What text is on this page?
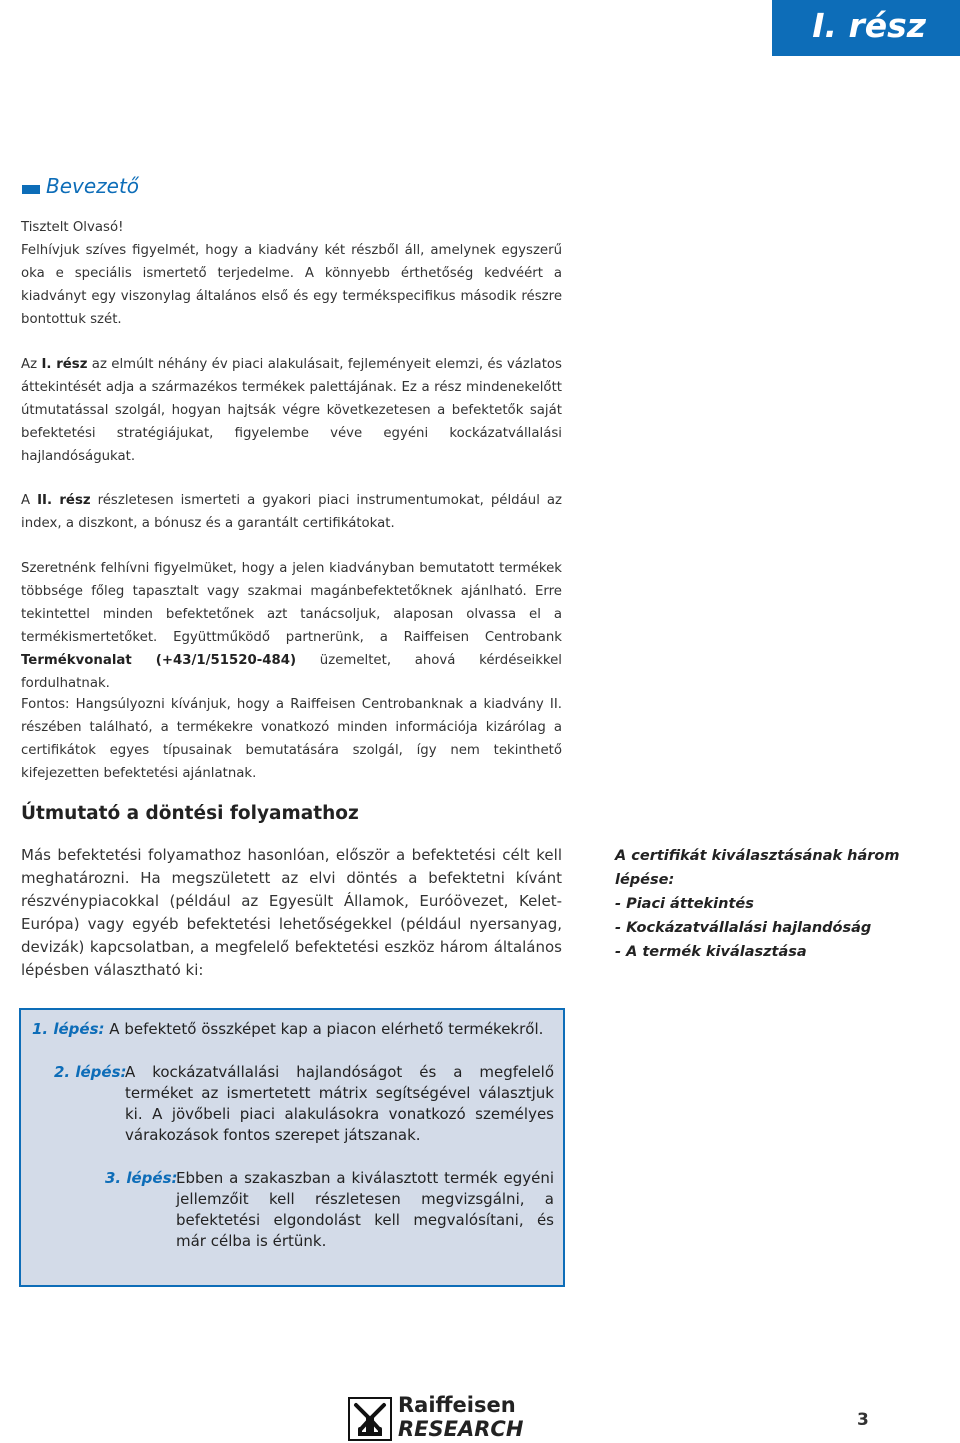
I. rész
Bevezető

Tisztelt Olvasó!

Felhívjuk szíves figyelmét, hogy a kiadvány két részből áll, amelynek egyszerű oka e speciális ismertető terjedelme. A könnyebb érthetőség kedvéért a kiadványt egy viszonylag általános első és egy termékspecifikus második részre bontottuk szét.

Az I. rész az elmúlt néhány év piaci alakulásait, fejleményeit elemzi, és vázlatos áttekintését adja a származékos termékek palettájának. Ez a rész mindenekelőtt útmutatással szolgál, hogyan hajtsák végre következetesen a befektetők saját befektetési stratégiájukat, figyelembe véve egyéni kockázatvállalási hajlandóságukat.

A II. rész részletesen ismerteti a gyakori piaci instrumentumokat, például az index, a diszkont, a bónusz és a garantált certifikátokat.

Szeretnénk felhívni figyelmüket, hogy a jelen kiadványban bemutatott termékek többsége főleg tapasztalt vagy szakmai magánbefektetőknek ajánlható. Erre tekintettel minden befektetőnek azt tanácsoljuk, alaposan olvassa el a termékismertetőket. Együttműködő partnerünk, a Raiffeisen Centrobank Termékvonalat (+43/1/51520-484) üzemeltet, ahová kérdéseikkel fordulhatnak.

Fontos: Hangsúlyozni kívánjuk, hogy a Raiffeisen Centrobanknak a kiadvány II. részében található, a termékekre vonatkozó minden információja kizárólag a certifikátok egyes típusainak bemutatására szolgál, így nem tekinthető kifejezetten befektetési ajánlatnak.

Útmutató a döntési folyamathoz

Más befektetési folyamathoz hasonlóan, először a befektetési célt kell meghatározni. Ha megszületett az elvi döntés a befektetni kívánt részvénypiacokkal (például az Egyesült Államok, Euróövezet, Kelet-Európa) vagy egyéb befektetési lehetőségekkel (például nyersanyag, devizák) kapcsolatban, a megfelelő befektetési eszköz három általános lépésben választható ki:

A certifikát kiválasztásának három
lépése:
- Piaci áttekintés
- Kockázatvállalási hajlandóság
- A termék kiválasztása
1. lépés: A befektető összképet kap a piacon elérhető termékekről.
2. lépés:
A kockázatvállalási hajlandóságot és a megfelelő terméket az ismertetett mátrix segítségével választjuk ki. A jövőbeli piaci alakulásokra vonatkozó személyes várakozások fontos szerepet játszanak.
3. lépés:
Ebben a szakaszban a kiválasztott termék egyéni jellemzőit kell részletesen megvizsgálni, a befektetési elgondolást kell megvalósítani, és már célba is értünk.
Raiffeisen
RESEARCH	3
